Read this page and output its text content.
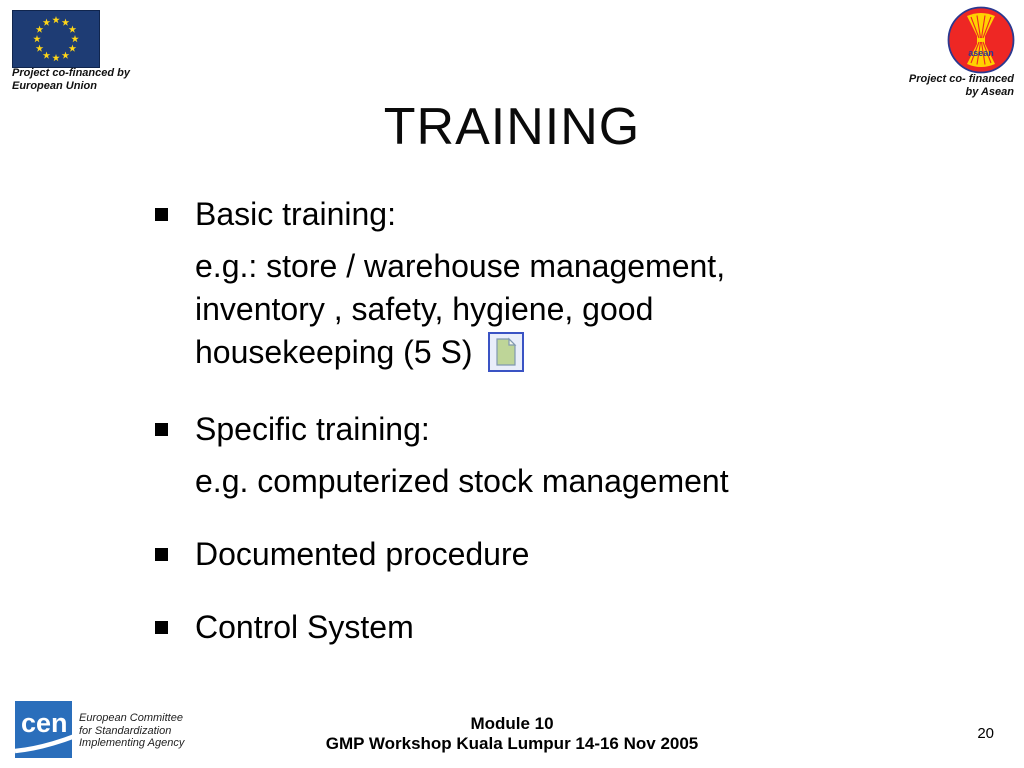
Project co-financed by
European Union
asean
Project co- financed
by Asean
TRAINING
Basic training:
e.g.: store / warehouse management, inventory , safety, hygiene, good housekeeping (5 S)
Specific training:
e.g. computerized stock management
Documented procedure
Control System
cen European Committee
for Standardization
Implementing Agency
Module 10
GMP Workshop Kuala Lumpur 14-16 Nov 2005
20
